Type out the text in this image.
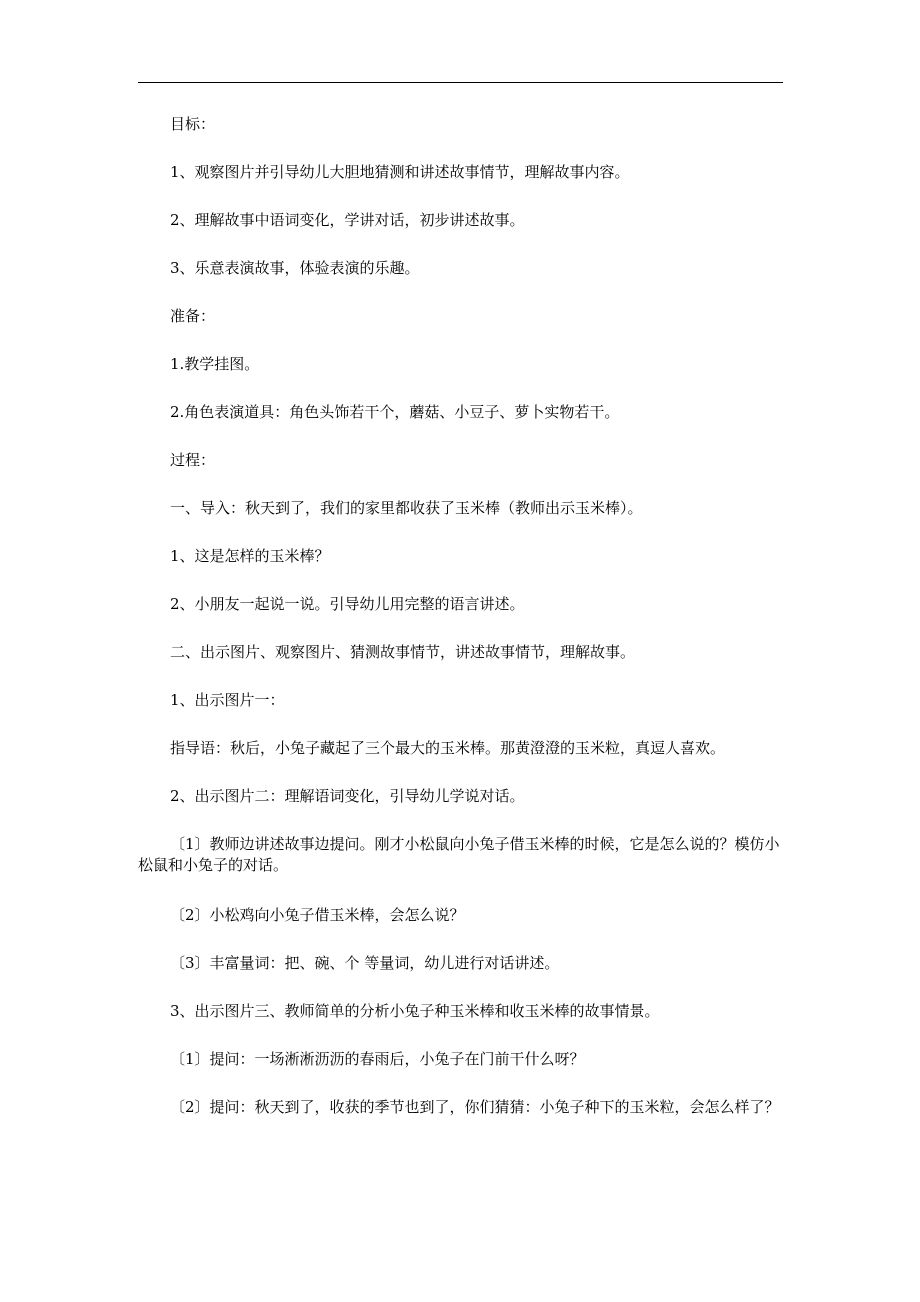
目标：
1、观察图片并引导幼儿大胆地猜测和讲述故事情节，理解故事内容。
2、理解故事中语词变化，学讲对话，初步讲述故事。
3、乐意表演故事，体验表演的乐趣。
准备：
1.教学挂图。
2.角色表演道具：角色头饰若干个，蘑菇、小豆子、萝卜实物若干。
过程：
一、导入：秋天到了，我们的家里都收获了玉米棒（教师出示玉米棒）。
1、这是怎样的玉米棒？
2、小朋友一起说一说。引导幼儿用完整的语言讲述。
二、出示图片、观察图片、猜测故事情节，讲述故事情节，理解故事。
1、出示图片一：
指导语：秋后，小兔子藏起了三个最大的玉米棒。那黄澄澄的玉米粒，真逗人喜欢。
2、出示图片二：理解语词变化，引导幼儿学说对话。
〔1〕教师边讲述故事边提问。刚才小松鼠向小兔子借玉米棒的时候，它是怎么说的？模仿小松鼠和小兔子的对话。
〔2〕小松鸡向小兔子借玉米棒，会怎么说？
〔3〕丰富量词：把、碗、个 等量词，幼儿进行对话讲述。
3、出示图片三、教师简单的分析小兔子种玉米棒和收玉米棒的故事情景。
〔1〕提问：一场淅淅沥沥的春雨后，小兔子在门前干什么呀？
〔2〕提问：秋天到了，收获的季节也到了，你们猜猜：小兔子种下的玉米粒，会怎么样了？
